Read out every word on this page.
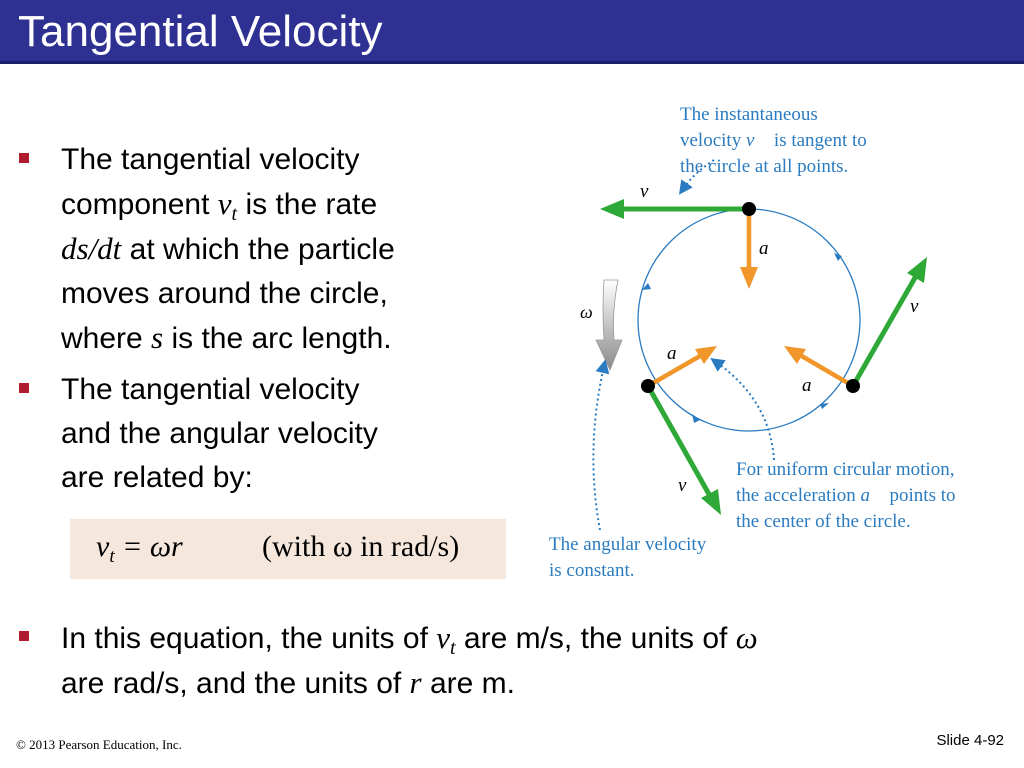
Tangential Velocity
The tangential velocity
component $v_t$ is the rate
ds/dt at which the particle
moves around the circle,
where s is the arc length.
The tangential velocity
and the angular velocity
are related by:
$v_t = \omega r$	(with ω in rad/s)
In this equation, the units of $v_t$ are m/s, the units of ω
are rad/s, and the units of r are m.
ω
v⃗
v⃗
v⃗
a⃗
a⃗
a⃗
The instantaneous
velocity v⃗ is tangent to
the circle at all points.
For uniform circular motion,
the acceleration a⃗ points to
the center of the circle.
The angular velocity
is constant.
© 2013 Pearson Education, Inc.	Slide 4-92
